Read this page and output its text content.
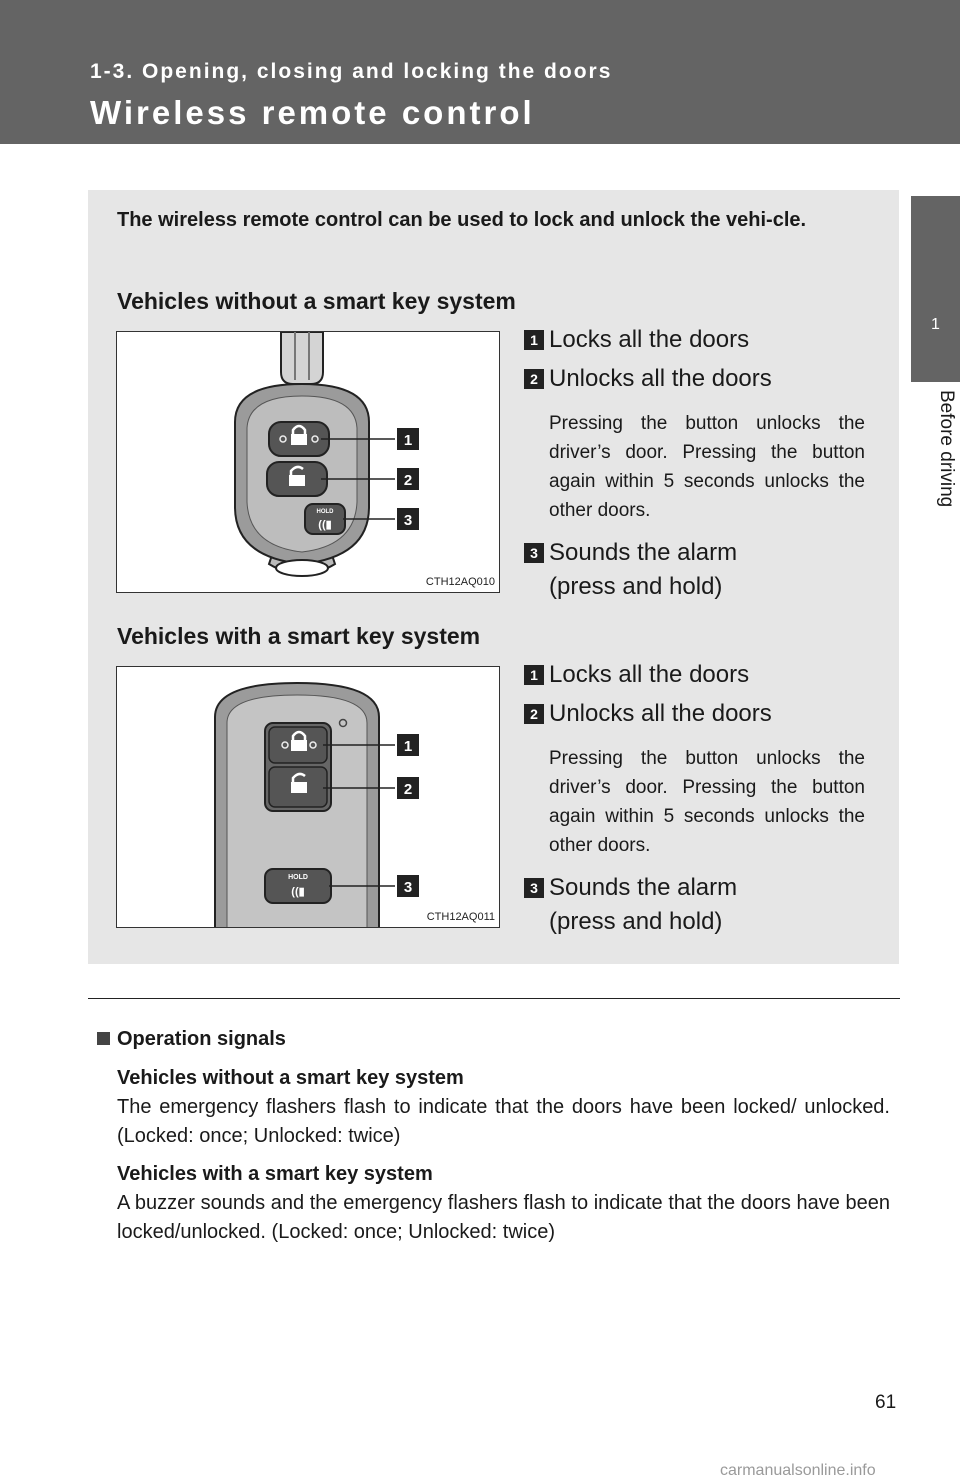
1-3. Opening, closing and locking the doors
Wireless remote control
1
Before driving
The wireless remote control can be used to lock and unlock the vehi-cle.
Vehicles without a smart key system
HOLD
((▮
1
2
3
CTH12AQ010
1 Locks all the doors
2 Unlocks all the doors
Pressing the button unlocks the driver’s door. Pressing the button again within 5 seconds unlocks the other doors.
3 Sounds the alarm
(press and hold)
Vehicles with a smart key system
HOLD
((▮
1
2
3
CTH12AQ011
1 Locks all the doors
2 Unlocks all the doors
Pressing the button unlocks the driver’s door. Pressing the button again within 5 seconds unlocks the other doors.
3 Sounds the alarm
(press and hold)
Operation signals
Vehicles without a smart key system
The emergency flashers flash to indicate that the doors have been locked/ unlocked. (Locked: once; Unlocked: twice)
Vehicles with a smart key system
A buzzer sounds and the emergency flashers flash to indicate that the doors have been locked/unlocked. (Locked: once; Unlocked: twice)
61
carmanualsonline.info
